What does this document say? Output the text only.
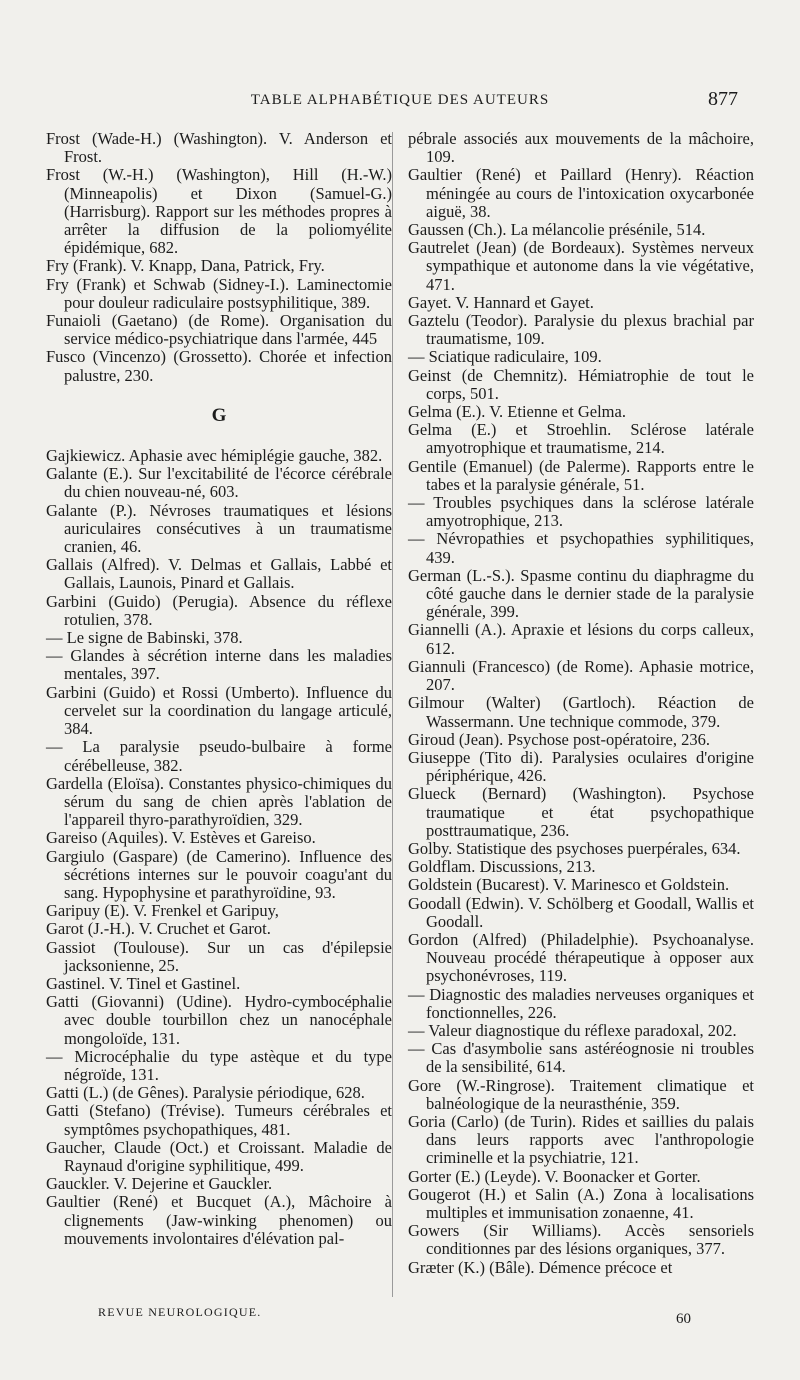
TABLE ALPHABÉTIQUE DES AUTEURS	877

Frost (Wade-H.) (Washington). V. Anderson et Frost.

Frost (W.-H.) (Washington), Hill (H.-W.) (Minneapolis) et Dixon (Samuel-G.) (Harrisburg). Rapport sur les méthodes propres à arrêter la diffusion de la poliomyélite épidémique, 682.

Fry (Frank). V. Knapp, Dana, Patrick, Fry.

Fry (Frank) et Schwab (Sidney-I.). Laminectomie pour douleur radiculaire postsyphilitique, 389.

Funaioli (Gaetano) (de Rome). Organisation du service médico-psychiatrique dans l'armée, 445

Fusco (Vincenzo) (Grossetto). Chorée et infection palustre, 230.

G

Gajkiewicz. Aphasie avec hémiplégie gauche, 382.

Galante (E.). Sur l'excitabilité de l'écorce cérébrale du chien nouveau-né, 603.

Galante (P.). Névroses traumatiques et lésions auriculaires consécutives à un traumatisme cranien, 46.

Gallais (Alfred). V. Delmas et Gallais, Labbé et Gallais, Launois, Pinard et Gallais.

Garbini (Guido) (Perugia). Absence du réflexe rotulien, 378.

— Le signe de Babinski, 378.

— Glandes à sécrétion interne dans les maladies mentales, 397.

Garbini (Guido) et Rossi (Umberto). Influence du cervelet sur la coordination du langage articulé, 384.

— La paralysie pseudo-bulbaire à forme cérébelleuse, 382.

Gardella (Eloïsa). Constantes physico-chimiques du sérum du sang de chien après l'ablation de l'appareil thyro-parathyroïdien, 329.

Gareiso (Aquiles). V. Estèves et Gareiso.

Gargiulo (Gaspare) (de Camerino). Influence des sécrétions internes sur le pouvoir coagu'ant du sang. Hypophysine et parathyroïdine, 93.

Garipuy (E). V. Frenkel et Garipuy,

Garot (J.-H.). V. Cruchet et Garot.

Gassiot (Toulouse). Sur un cas d'épilepsie jacksonienne, 25.

Gastinel. V. Tinel et Gastinel.

Gatti (Giovanni) (Udine). Hydro-cymbocéphalie avec double tourbillon chez un nanocéphale mongoloïde, 131.

— Microcéphalie du type astèque et du type négroïde, 131.

Gatti (L.) (de Gênes). Paralysie périodique, 628.

Gatti (Stefano) (Trévise). Tumeurs cérébrales et symptômes psychopathiques, 481.

Gaucher, Claude (Oct.) et Croissant. Maladie de Raynaud d'origine syphilitique, 499.

Gauckler. V. Dejerine et Gauckler.

Gaultier (René) et Bucquet (A.), Mâchoire à clignements (Jaw-winking phenomen) ou mouvements involontaires d'élévation pal-

pébrale associés aux mouvements de la mâchoire, 109.

Gaultier (René) et Paillard (Henry). Réaction méningée au cours de l'intoxication oxycarbonée aiguë, 38.

Gaussen (Ch.). La mélancolie présénile, 514.

Gautrelet (Jean) (de Bordeaux). Systèmes nerveux sympathique et autonome dans la vie végétative, 471.

Gayet. V. Hannard et Gayet.

Gaztelu (Teodor). Paralysie du plexus brachial par traumatisme, 109.

— Sciatique radiculaire, 109.

Geinst (de Chemnitz). Hémiatrophie de tout le corps, 501.

Gelma (E.). V. Etienne et Gelma.

Gelma (E.) et Stroehlin. Sclérose latérale amyotrophique et traumatisme, 214.

Gentile (Emanuel) (de Palerme). Rapports entre le tabes et la paralysie générale, 51.

— Troubles psychiques dans la sclérose latérale amyotrophique, 213.

— Névropathies et psychopathies syphilitiques, 439.

German (L.-S.). Spasme continu du diaphragme du côté gauche dans le dernier stade de la paralysie générale, 399.

Giannelli (A.). Apraxie et lésions du corps calleux, 612.

Giannuli (Francesco) (de Rome). Aphasie motrice, 207.

Gilmour (Walter) (Gartloch). Réaction de Wassermann. Une technique commode, 379.

Giroud (Jean). Psychose post-opératoire, 236.

Giuseppe (Tito di). Paralysies oculaires d'origine périphérique, 426.

Glueck (Bernard) (Washington). Psychose traumatique et état psychopathique posttraumatique, 236.

Golby. Statistique des psychoses puerpérales, 634.

Goldflam. Discussions, 213.

Goldstein (Bucarest). V. Marinesco et Goldstein.

Goodall (Edwin). V. Schölberg et Goodall, Wallis et Goodall.

Gordon (Alfred) (Philadelphie). Psychoanalyse. Nouveau procédé thérapeutique à opposer aux psychonévroses, 119.

— Diagnostic des maladies nerveuses organiques et fonctionnelles, 226.

— Valeur diagnostique du réflexe paradoxal, 202.

— Cas d'asymbolie sans astéréognosie ni troubles de la sensibilité, 614.

Gore (W.-Ringrose). Traitement climatique et balnéologique de la neurasthénie, 359.

Goria (Carlo) (de Turin). Rides et saillies du palais dans leurs rapports avec l'anthropologie criminelle et la psychiatrie, 121.

Gorter (E.) (Leyde). V. Boonacker et Gorter.

Gougerot (H.) et Salin (A.) Zona à localisations multiples et immunisation zonaenne, 41.

Gowers (Sir Williams). Accès sensoriels conditionnes par des lésions organiques, 377.

Græter (K.) (Bâle). Démence précoce et

REVUE NEUROLOGIQUE.	60
